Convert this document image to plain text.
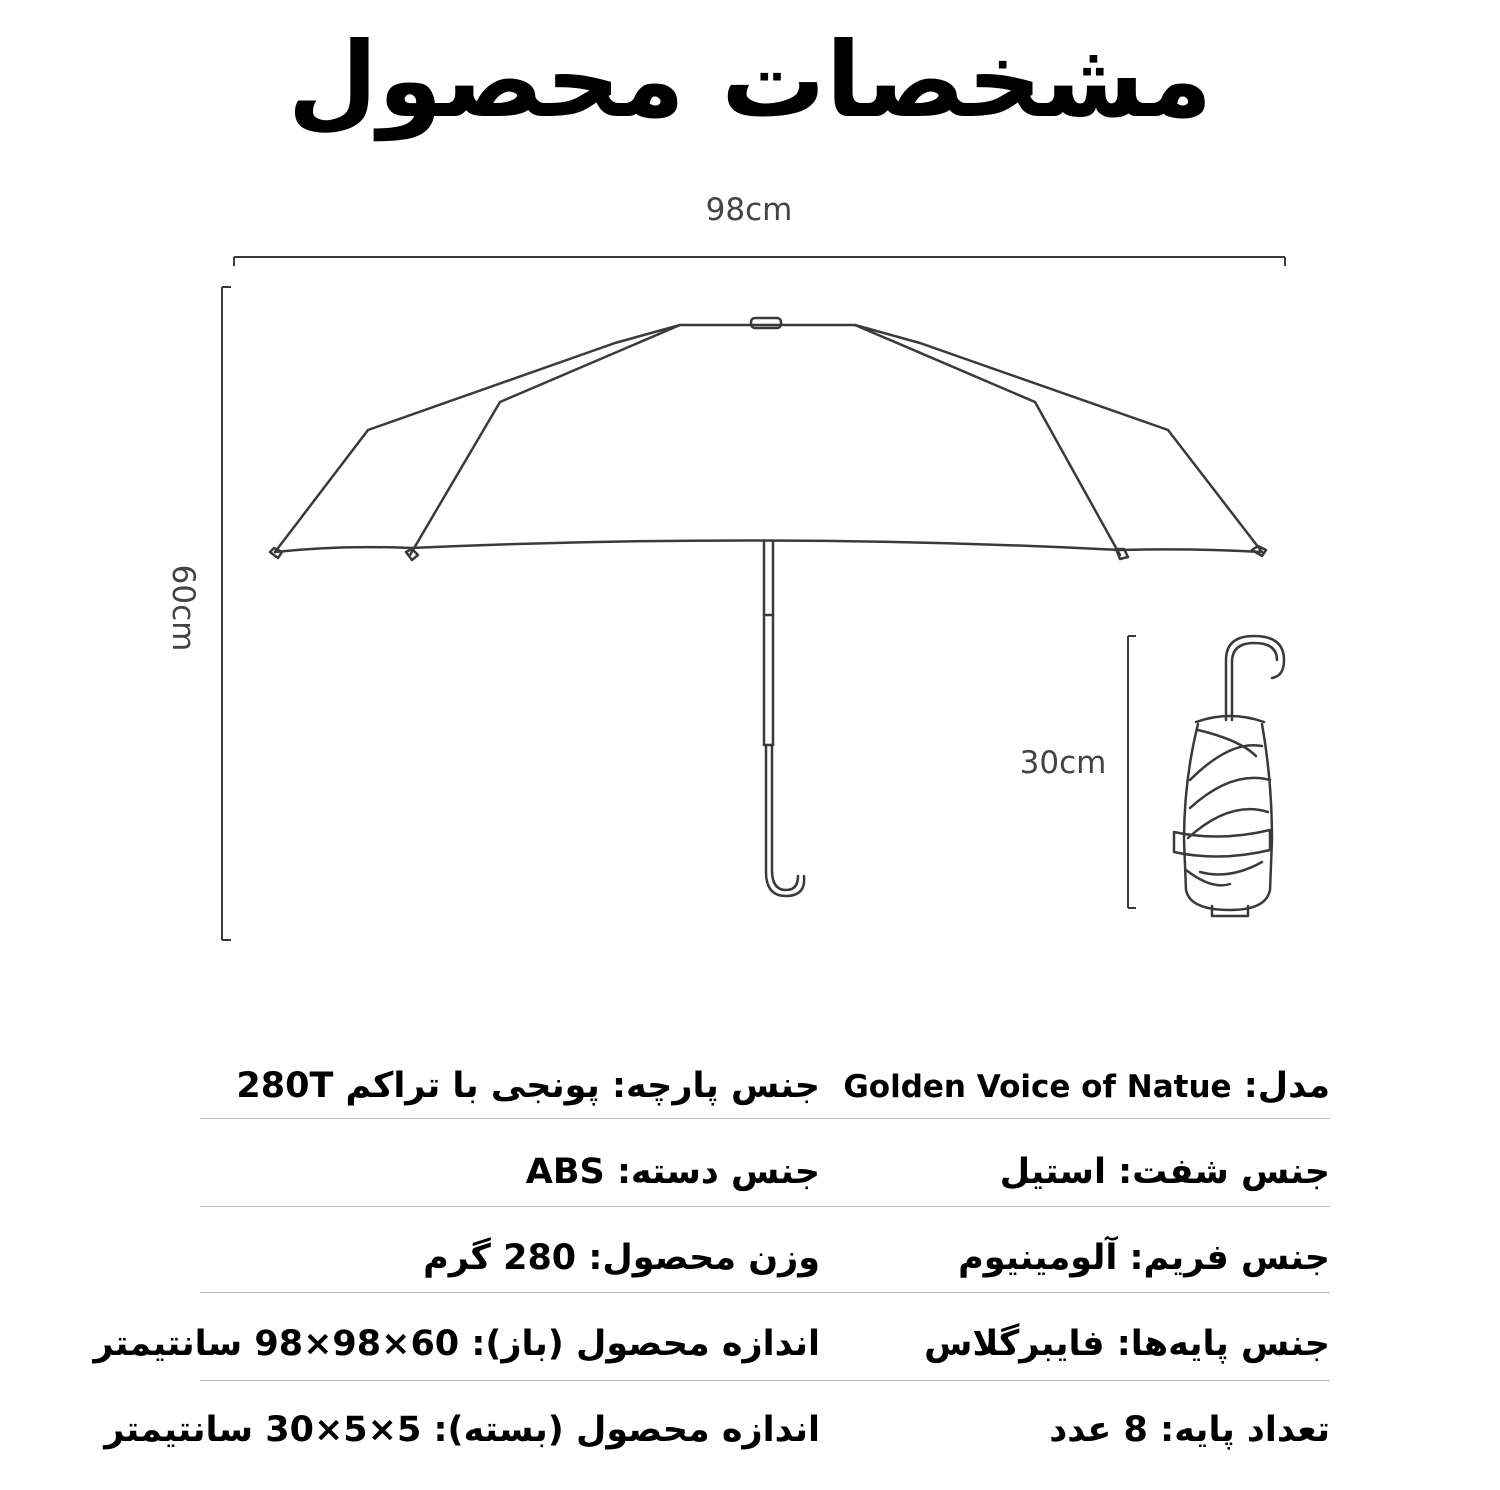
مشخصات محصول
98cm
60cm
30cm
مدل: Golden Voice of Natue
جنس شفت: استیل
جنس فریم: آلومینیوم
جنس پایه‌ها: فایبرگلاس
تعداد پایه: 8 عدد
جنس پارچه: پونجی با تراکم 280T
جنس دسته: ABS
وزن محصول: 280 گرم
اندازه محصول (باز): 60×98×98 سانتیمتر
اندازه محصول (بسته): 5×5×30 سانتیمتر
